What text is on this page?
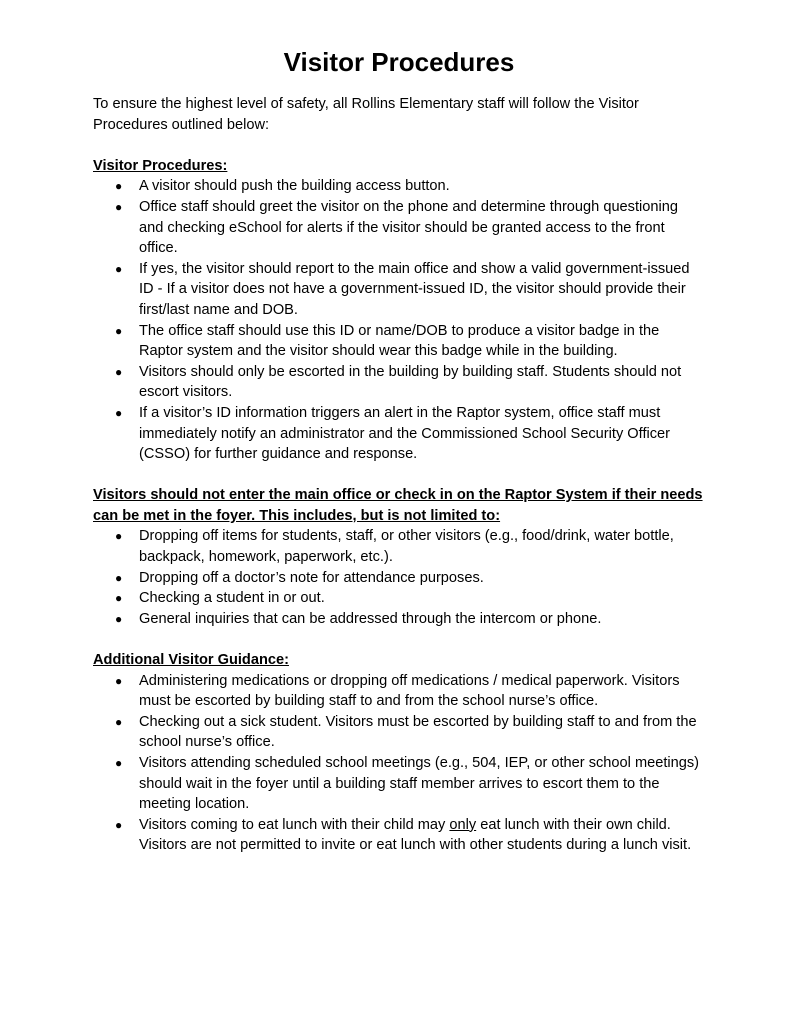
Visitor Procedures

To ensure the highest level of safety, all Rollins Elementary staff will follow the Visitor Procedures outlined below:

Visitor Procedures:

● A visitor should push the building access button.
● Office staff should greet the visitor on the phone and determine through questioning and checking eSchool for alerts if the visitor should be granted access to the front office.
● If yes, the visitor should report to the main office and show a valid government-issued ID - If a visitor does not have a government-issued ID, the visitor should provide their first/last name and DOB.
● The office staff should use this ID or name/DOB to produce a visitor badge in the Raptor system and the visitor should wear this badge while in the building.
● Visitors should only be escorted in the building by building staff. Students should not escort visitors.
● If a visitor’s ID information triggers an alert in the Raptor system, office staff must immediately notify an administrator and the Commissioned School Security Officer (CSSO) for further guidance and response.

Visitors should not enter the main office or check in on the Raptor System if their needs can be met in the foyer. This includes, but is not limited to:

● Dropping off items for students, staff, or other visitors (e.g., food/drink, water bottle, backpack, homework, paperwork, etc.).
● Dropping off a doctor’s note for attendance purposes.
● Checking a student in or out.
● General inquiries that can be addressed through the intercom or phone.

Additional Visitor Guidance:

● Administering medications or dropping off medications / medical paperwork. Visitors must be escorted by building staff to and from the school nurse’s office.
● Checking out a sick student. Visitors must be escorted by building staff to and from the school nurse’s office.
● Visitors attending scheduled school meetings (e.g., 504, IEP, or other school meetings) should wait in the foyer until a building staff member arrives to escort them to the meeting location.
● Visitors coming to eat lunch with their child may only eat lunch with their own child. Visitors are not permitted to invite or eat lunch with other students during a lunch visit.
